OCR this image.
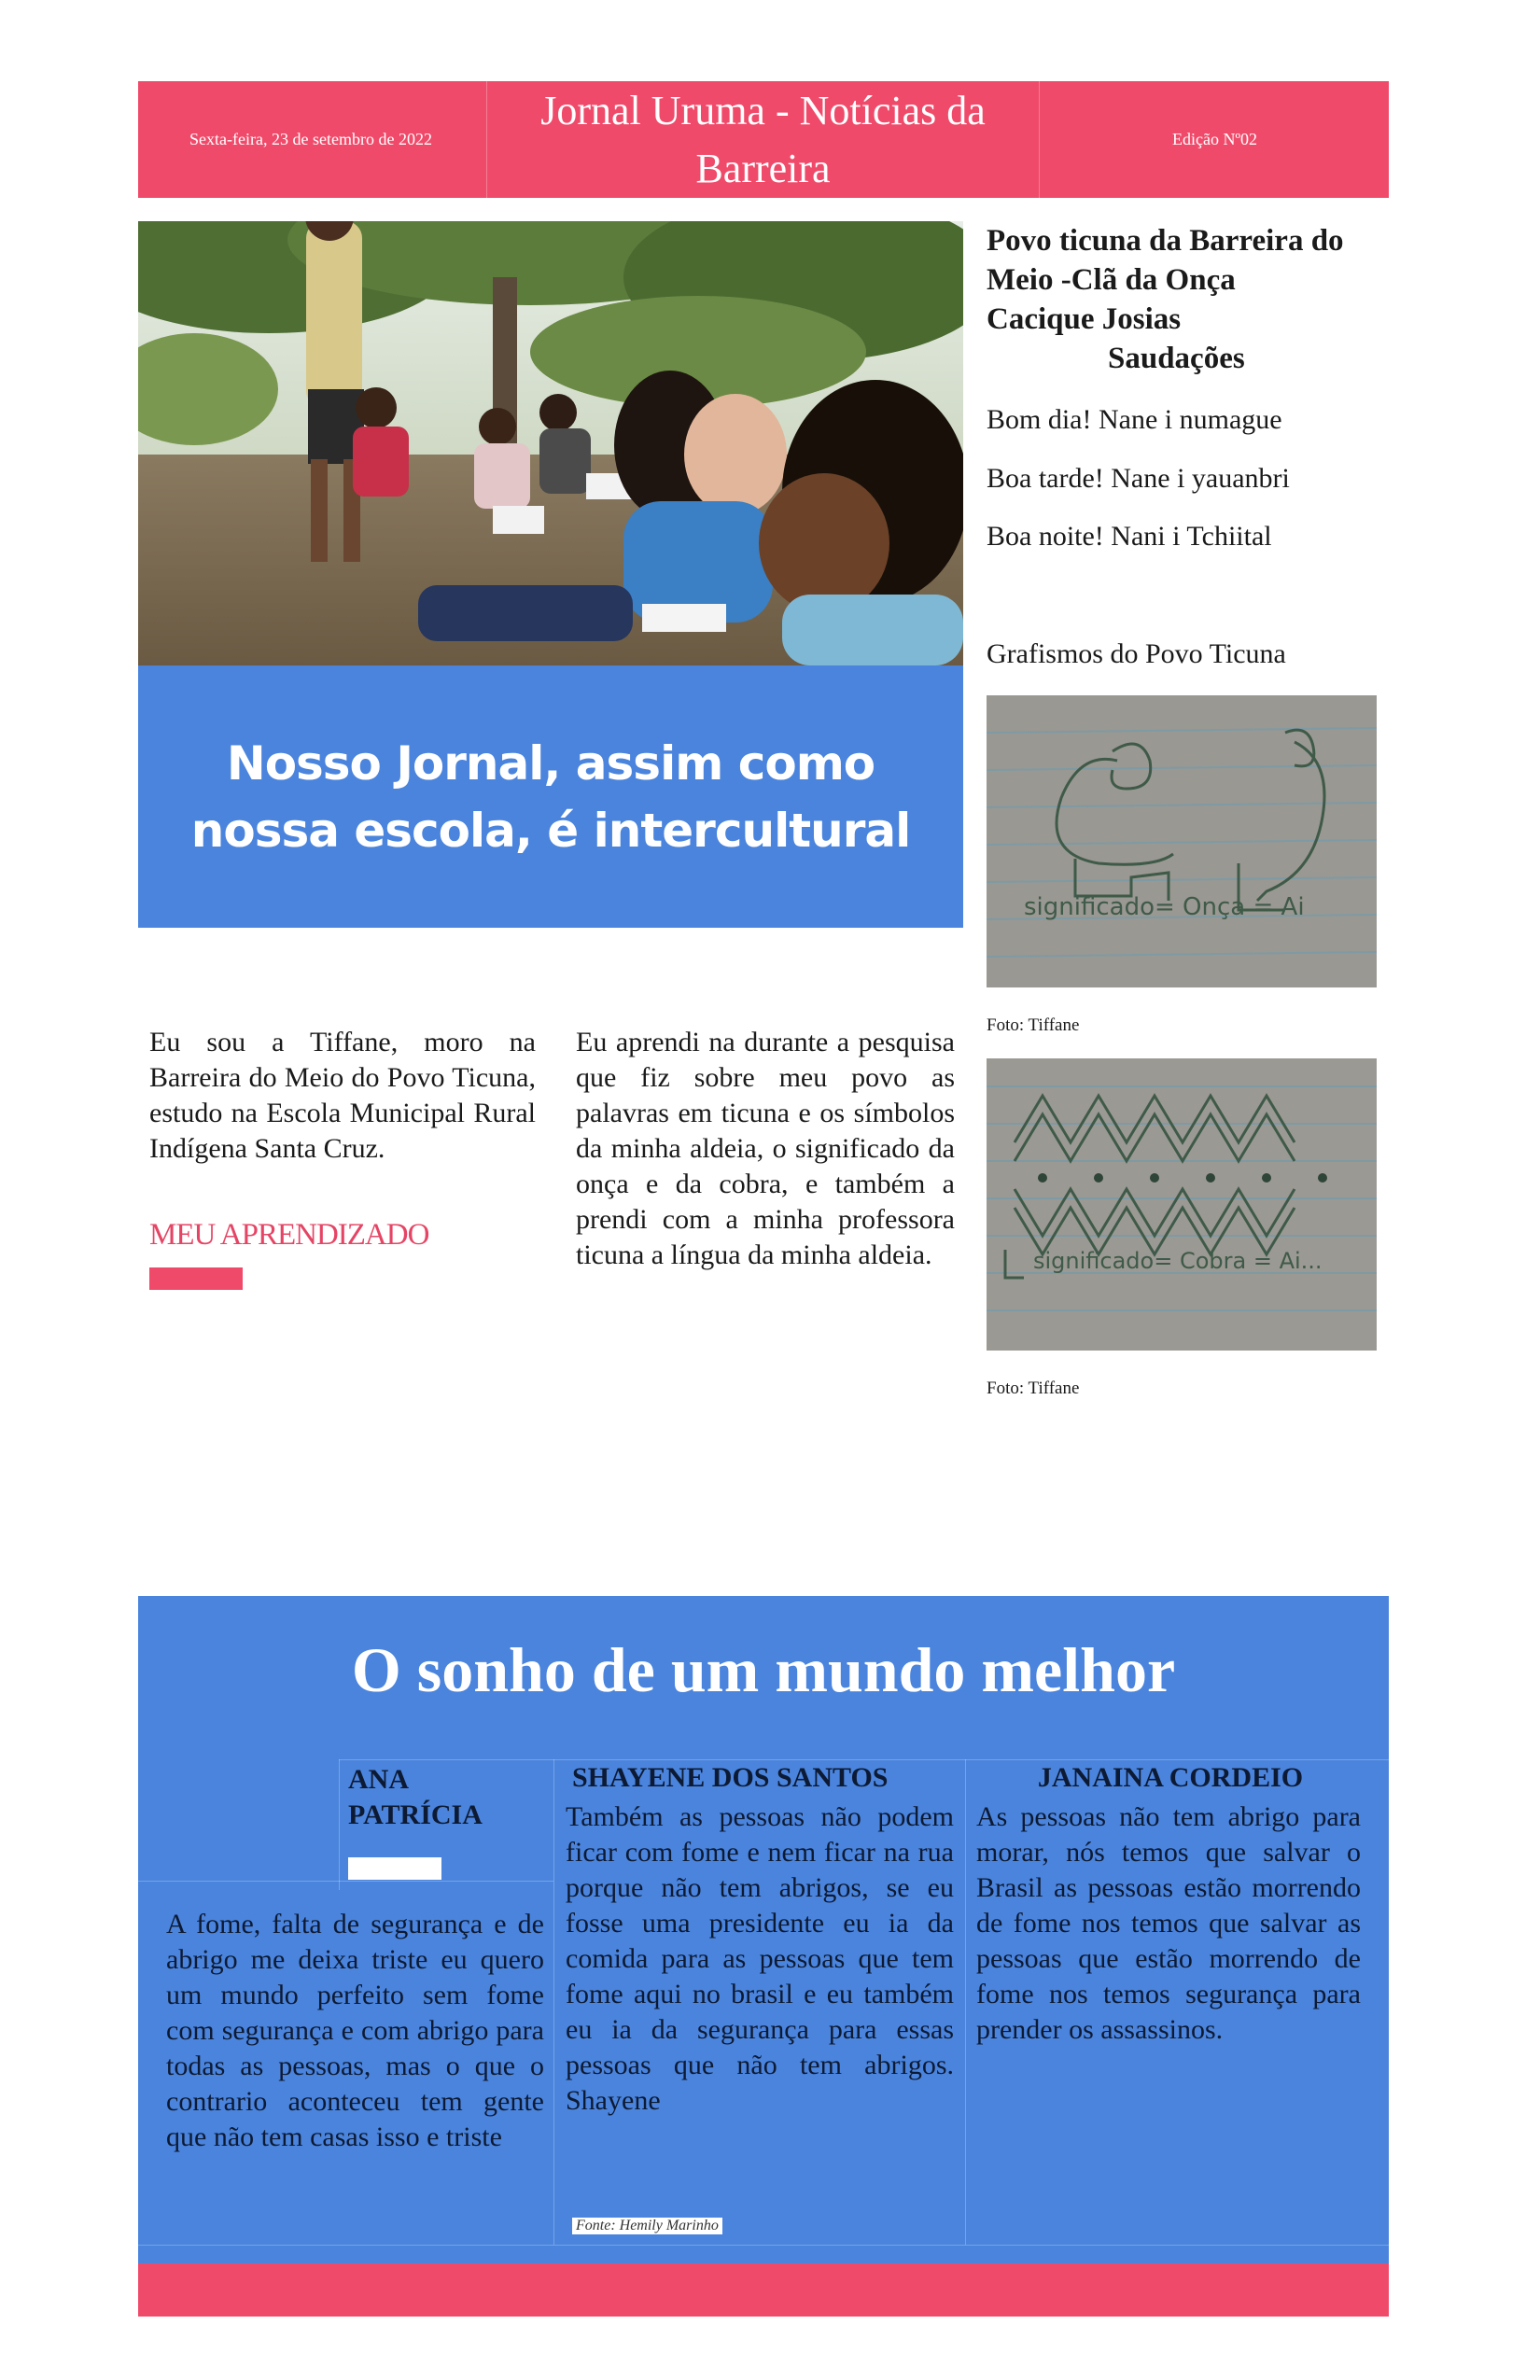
Sexta-feira, 23 de setembro de 2022
Jornal Uruma - Notícias da Barreira
Edição Nº02
Nosso Jornal, assim como nossa escola, é intercultural
Povo ticuna da Barreira do
Meio -Clã da Onça
Cacique Josias
Saudações
Bom dia! Nane i numague
Boa tarde! Nane i yauanbri
Boa noite! Nani i Tchiital
Grafismos do Povo Ticuna
significado= Onça = Ai
Foto: Tiffane
significado= Cobra = Ai...
Foto: Tiffane

Eu sou a Tiffane, moro na Barreira do Meio do Povo Ticuna, estudo na Escola Municipal Rural Indígena Santa Cruz.

MEU APRENDIZADO

Eu aprendi na durante a pesquisa que fiz sobre meu povo as palavras em ticuna e os símbolos da minha aldeia, o significado da onça e da cobra, e também a prendi com a minha professora ticuna a língua da minha aldeia.

O sonho de um mundo melhor
ANA
PATRÍCIA

A fome, falta de segurança e de abrigo me deixa triste eu quero um mundo perfeito sem fome com segurança e com abrigo para todas as pessoas, mas o que o contrario aconteceu tem gente que não tem casas isso e triste

SHAYENE DOS SANTOS

Também as pessoas não podem ficar com fome e nem ficar na rua porque não tem abrigos, se eu fosse uma presidente eu ia da comida para as pessoas que tem fome aqui no brasil e eu também eu ia da segurança para essas pessoas que não tem abrigos. Shayene

Fonte: Hemily Marinho
JANAINA CORDEIO

As pessoas não tem abrigo para morar, nós temos que salvar o Brasil as pessoas estão morrendo de fome nos temos que salvar as pessoas que estão morrendo de fome nos temos segurança para prender os assassinos.
